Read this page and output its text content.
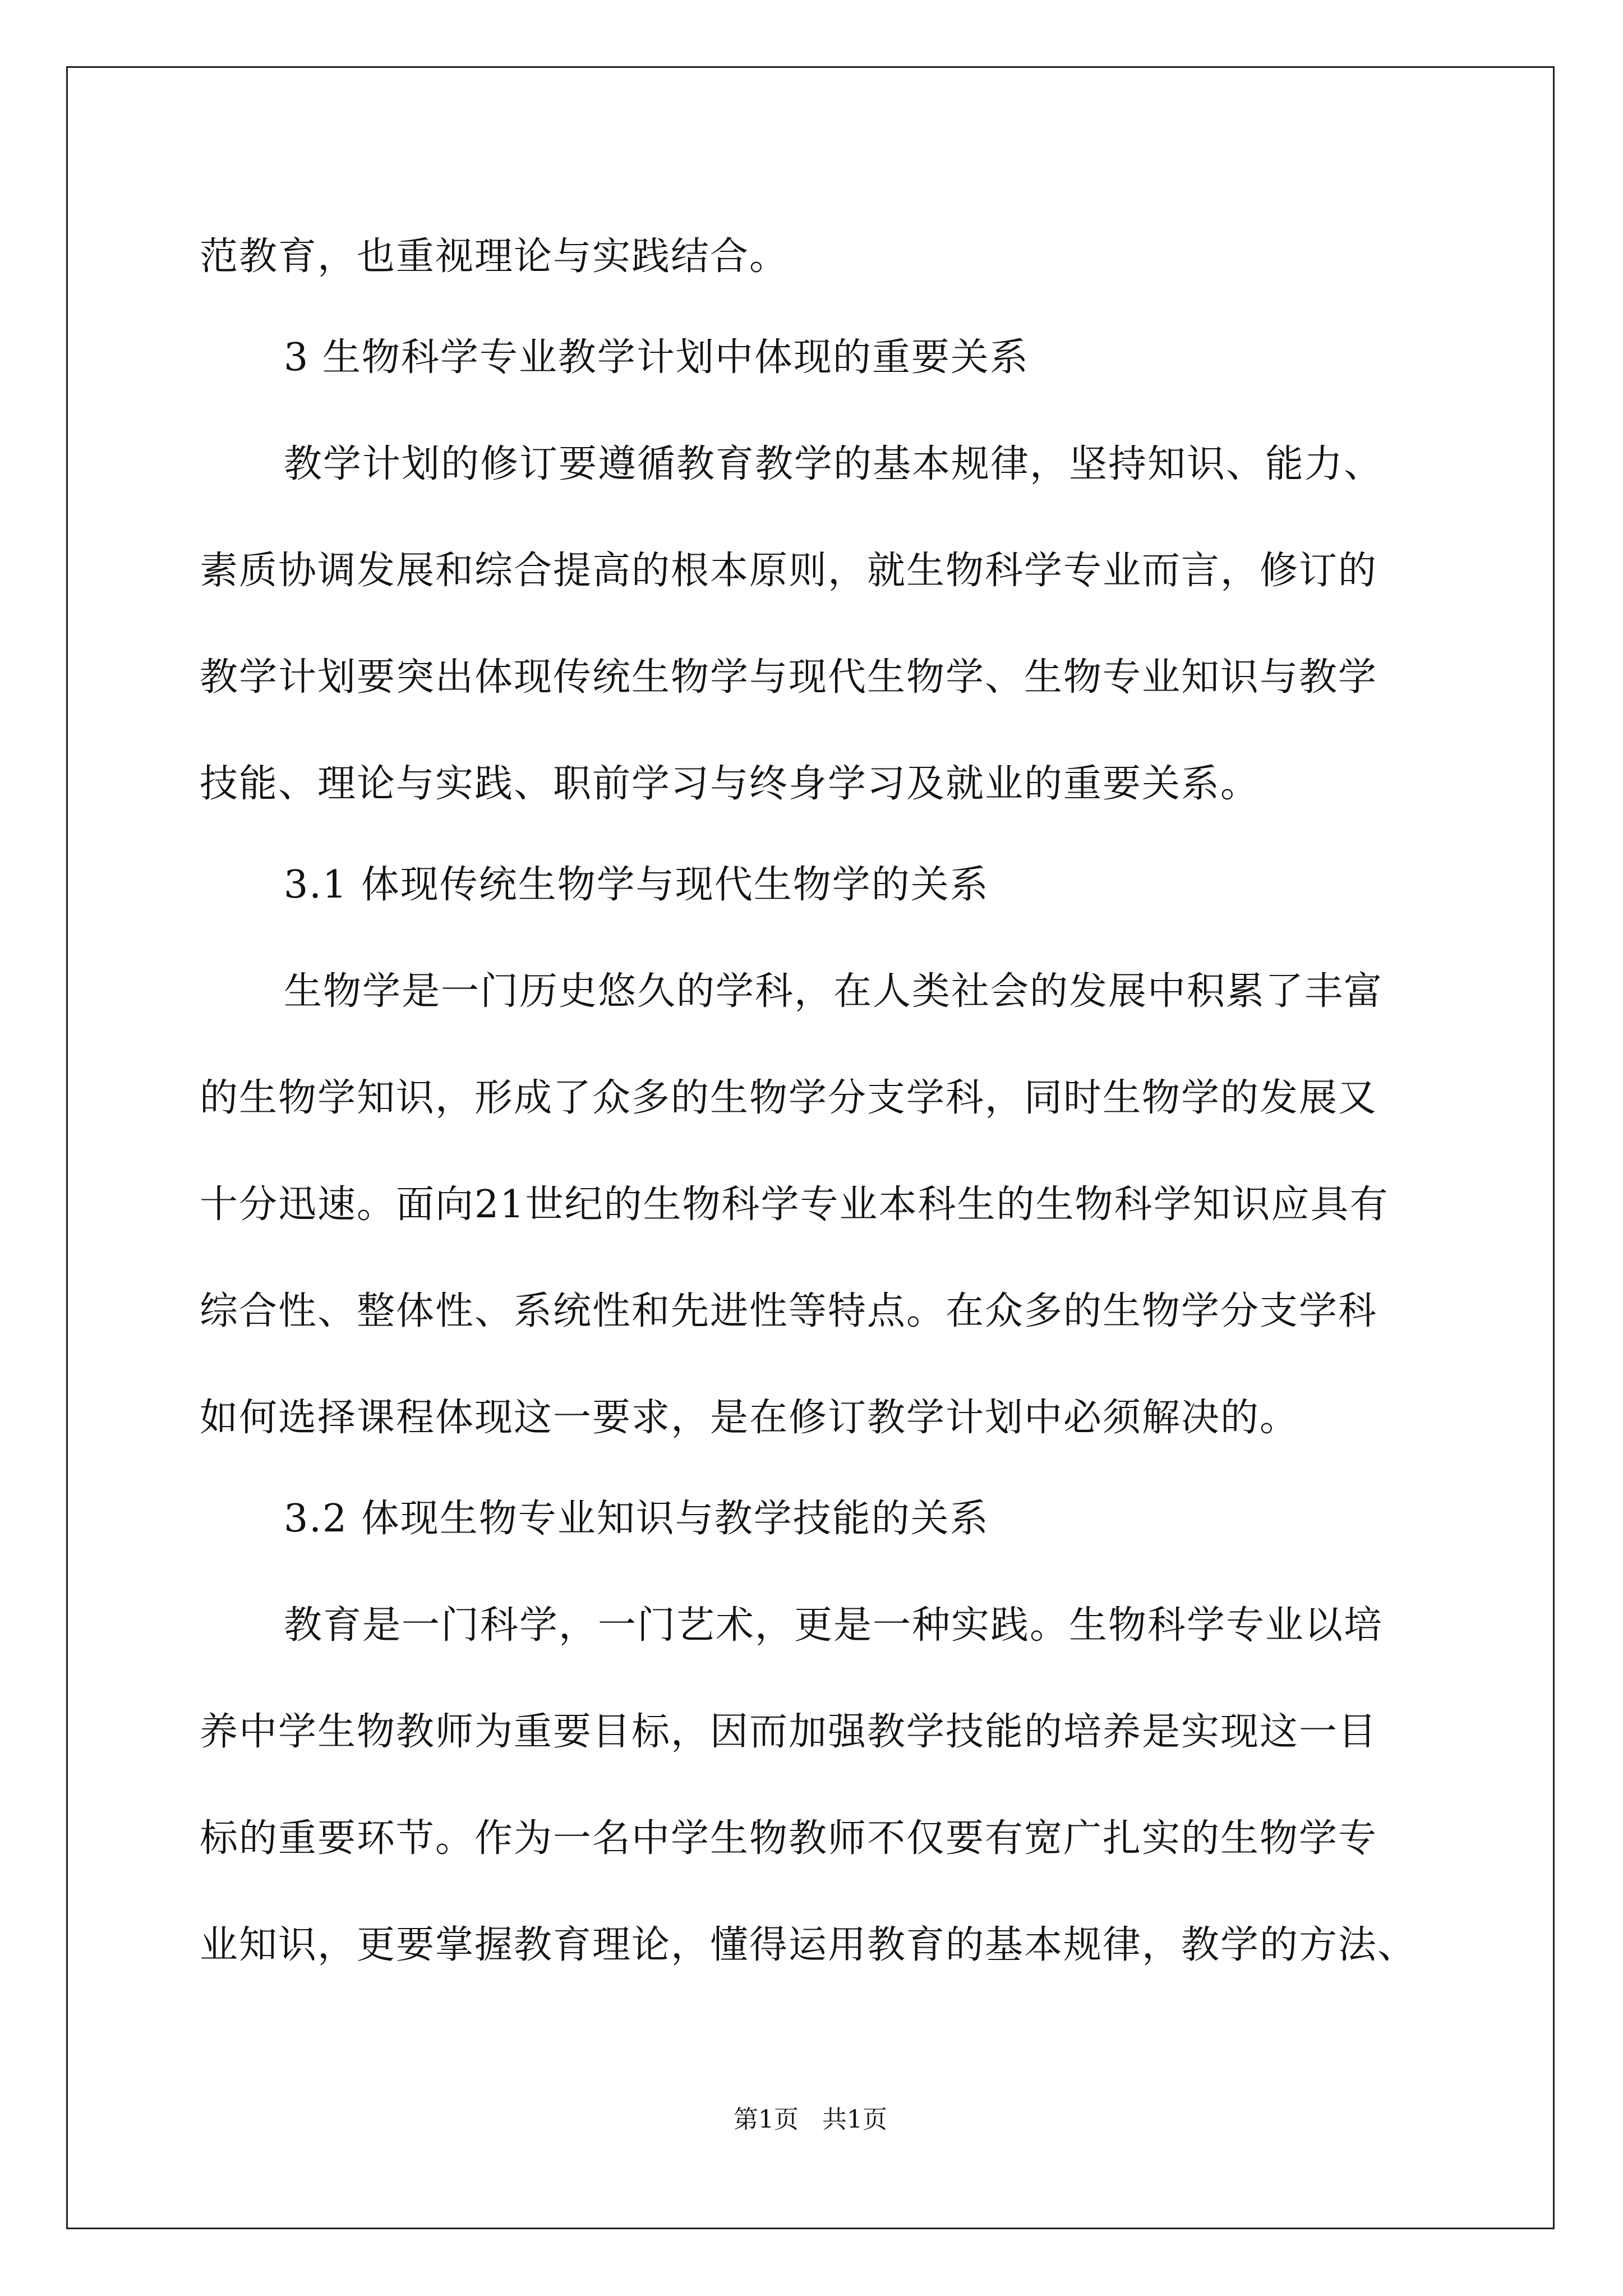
范教育，也重视理论与实践结合。
3 生物科学专业教学计划中体现的重要关系
教学计划的修订要遵循教育教学的基本规律，坚持知识、能力、
素质协调发展和综合提高的根本原则，就生物科学专业而言，修订的
教学计划要突出体现传统生物学与现代生物学、生物专业知识与教学
技能、理论与实践、职前学习与终身学习及就业的重要关系。
3.1 体现传统生物学与现代生物学的关系
生物学是一门历史悠久的学科，在人类社会的发展中积累了丰富
的生物学知识，形成了众多的生物学分支学科，同时生物学的发展又
十分迅速。面向21世纪的生物科学专业本科生的生物科学知识应具有
综合性、整体性、系统性和先进性等特点。在众多的生物学分支学科
如何选择课程体现这一要求，是在修订教学计划中必须解决的。
3.2 体现生物专业知识与教学技能的关系
教育是一门科学，一门艺术，更是一种实践。生物科学专业以培
养中学生物教师为重要目标，因而加强教学技能的培养是实现这一目
标的重要环节。作为一名中学生物教师不仅要有宽广扎实的生物学专
业知识，更要掌握教育理论，懂得运用教育的基本规律，教学的方法、
第1页 共1页
